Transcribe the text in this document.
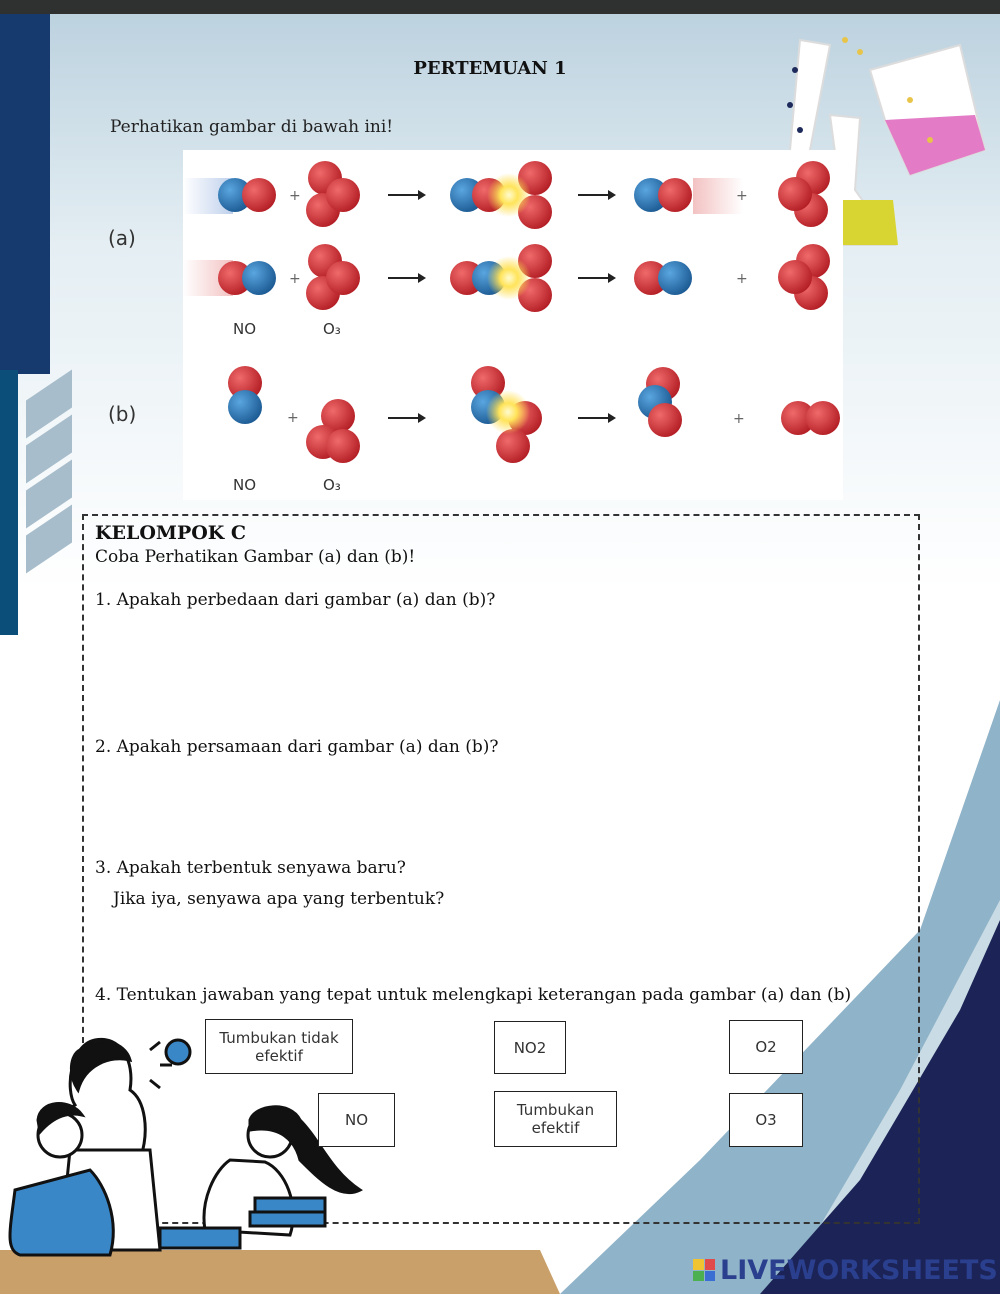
PERTEMUAN 1
Perhatikan gambar di bawah ini!
+	+
+	+
+	+
(a)
(b)
NO	O₃
NO	O₃
KELOMPOK C
Coba Perhatikan Gambar (a) dan (b)!
1. Apakah perbedaan dari gambar (a) dan (b)?
2. Apakah persamaan dari gambar (a) dan (b)?
3. Apakah terbentuk senyawa baru?
Jika iya, senyawa apa yang terbentuk?
4. Tentukan jawaban yang tepat untuk melengkapi keterangan pada gambar (a) dan (b)
Tumbukan tidak efektif	NO2	O2
NO
Tumbukan efektif	O3
LIVEWORKSHEETS
